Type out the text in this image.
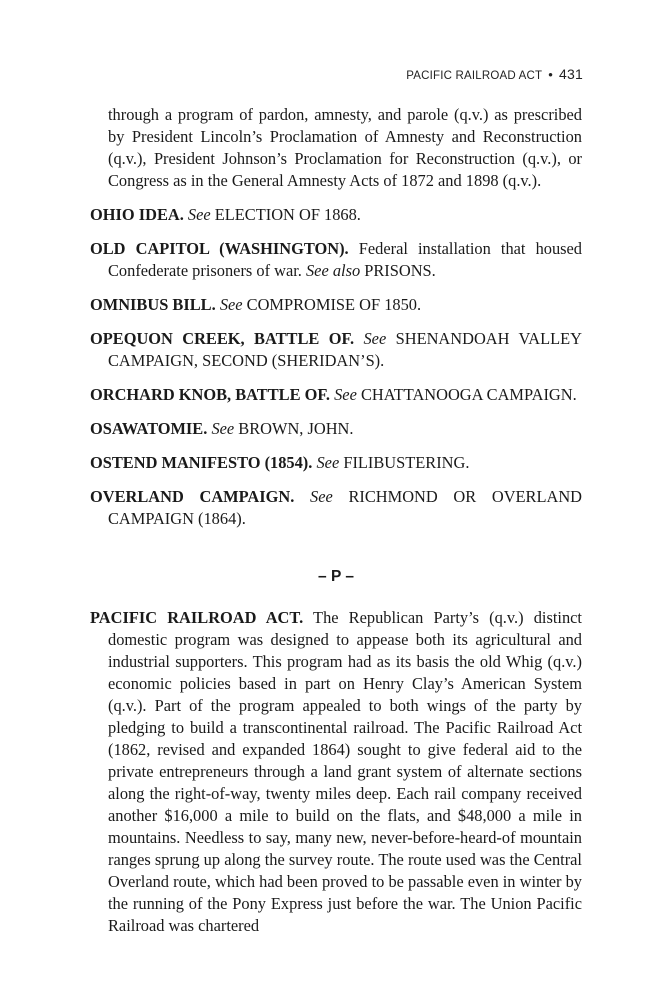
PACIFIC RAILROAD ACT • 431

through a program of pardon, amnesty, and parole (q.v.) as prescribed by President Lincoln’s Proclamation of Amnesty and Reconstruction (q.v.), President Johnson’s Proclamation for Reconstruction (q.v.), or Congress as in the General Amnesty Acts of 1872 and 1898 (q.v.).

OHIO IDEA. See ELECTION OF 1868.

OLD CAPITOL (WASHINGTON). Federal installation that housed Confederate prisoners of war. See also PRISONS.

OMNIBUS BILL. See COMPROMISE OF 1850.

OPEQUON CREEK, BATTLE OF. See SHENANDOAH VALLEY CAMPAIGN, SECOND (SHERIDAN’S).

ORCHARD KNOB, BATTLE OF. See CHATTANOOGA CAMPAIGN.

OSAWATOMIE. See BROWN, JOHN.

OSTEND MANIFESTO (1854). See FILIBUSTERING.

OVERLAND CAMPAIGN. See RICHMOND OR OVERLAND CAMPAIGN (1864).

– P –

PACIFIC RAILROAD ACT. The Republican Party’s (q.v.) distinct domestic program was designed to appease both its agricultural and industrial supporters. This program had as its basis the old Whig (q.v.) economic policies based in part on Henry Clay’s American System (q.v.). Part of the program appealed to both wings of the party by pledging to build a transcontinental railroad. The Pacific Railroad Act (1862, revised and expanded 1864) sought to give federal aid to the private entrepreneurs through a land grant system of alternate sections along the right-of-way, twenty miles deep. Each rail company received another $16,000 a mile to build on the flats, and $48,000 a mile in mountains. Needless to say, many new, never-before-heard-of mountain ranges sprung up along the survey route. The route used was the Central Overland route, which had been proved to be passable even in winter by the running of the Pony Express just before the war. The Union Pacific Railroad was chartered
